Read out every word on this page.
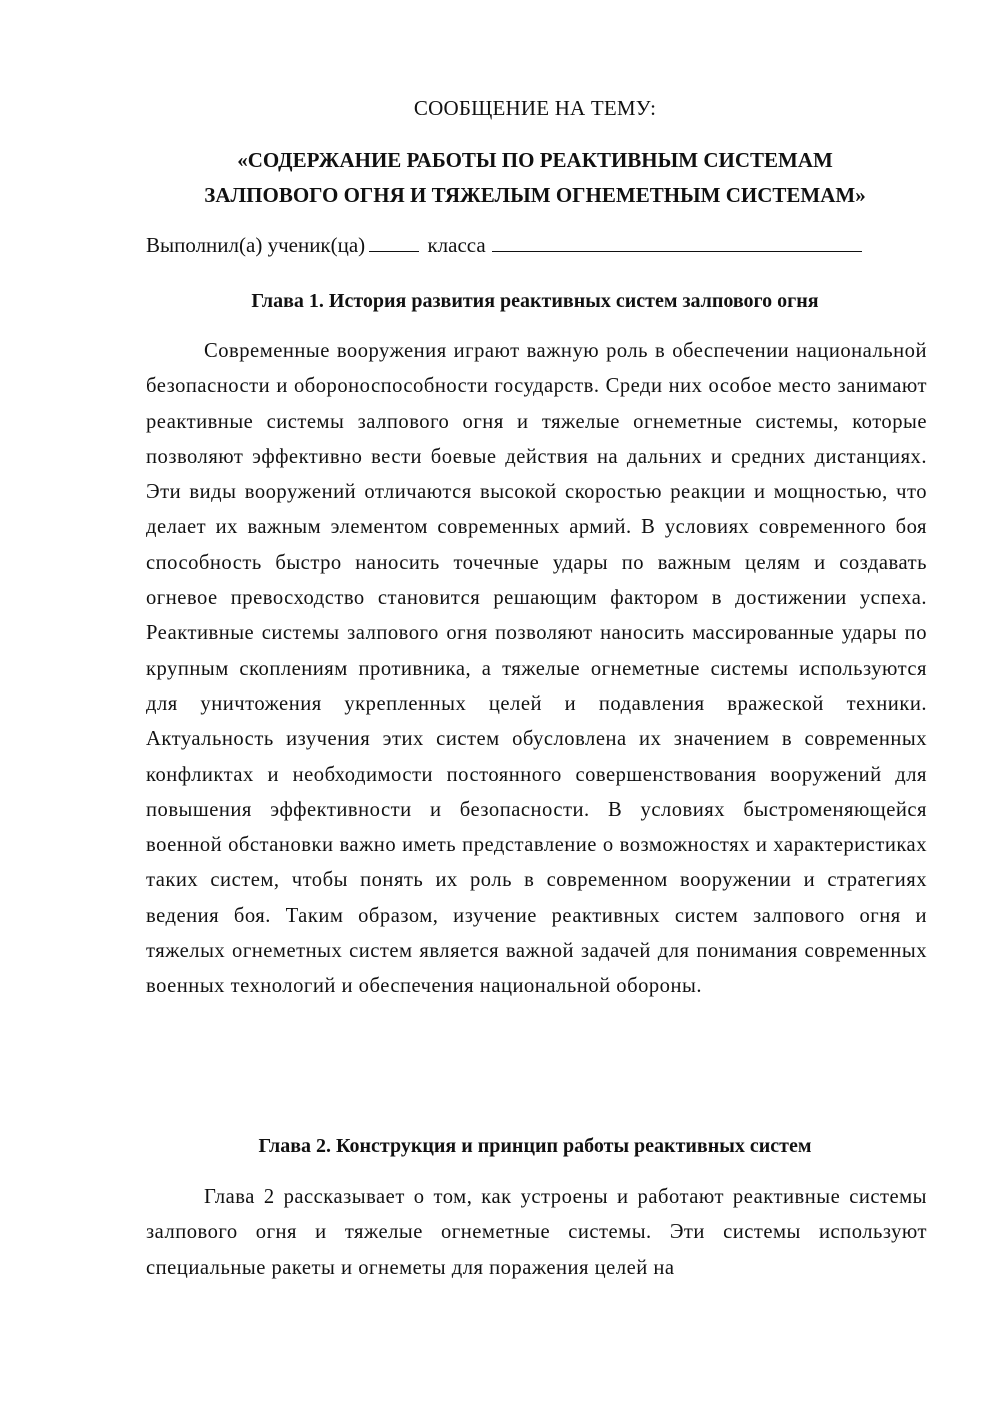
СООБЩЕНИЕ НА ТЕМУ:
«СОДЕРЖАНИЕ РАБОТЫ ПО РЕАКТИВНЫМ СИСТЕМАМ
ЗАЛПОВОГО ОГНЯ И ТЯЖЕЛЫМ ОГНЕМЕТНЫМ СИСТЕМАМ»
Выполнил(а) ученик(ца)	класса
Глава 1. История развития реактивных систем залпового огня
Современные вооружения играют важную роль в обеспечении национальной безопасности и обороноспособности государств. Среди них особое место занимают реактивные системы залпового огня и тяжелые огнеметные системы, которые позволяют эффективно вести боевые действия на дальних и средних дистанциях. Эти виды вооружений отличаются высокой скоростью реакции и мощностью, что делает их важным элементом современных армий. В условиях современного боя способность быстро наносить точечные удары по важным целям и создавать огневое превосходство становится решающим фактором в достижении успеха. Реактивные системы залпового огня позволяют наносить массированные удары по крупным скоплениям противника, а тяжелые огнеметные системы используются для уничтожения укрепленных целей и подавления вражеской техники. Актуальность изучения этих систем обусловлена их значением в современных конфликтах и необходимости постоянного совершенствования вооружений для повышения эффективности и безопасности. В условиях быстроменяющейся военной обстановки важно иметь представление о возможностях и характеристиках таких систем, чтобы понять их роль в современном вооружении и стратегиях ведения боя. Таким образом, изучение реактивных систем залпового огня и тяжелых огнеметных систем является важной задачей для понимания современных военных технологий и обеспечения национальной обороны.
Глава 2. Конструкция и принцип работы реактивных систем
Глава 2 рассказывает о том, как устроены и работают реактивные системы залпового огня и тяжелые огнеметные системы. Эти системы используют специальные ракеты и огнеметы для поражения целей на
